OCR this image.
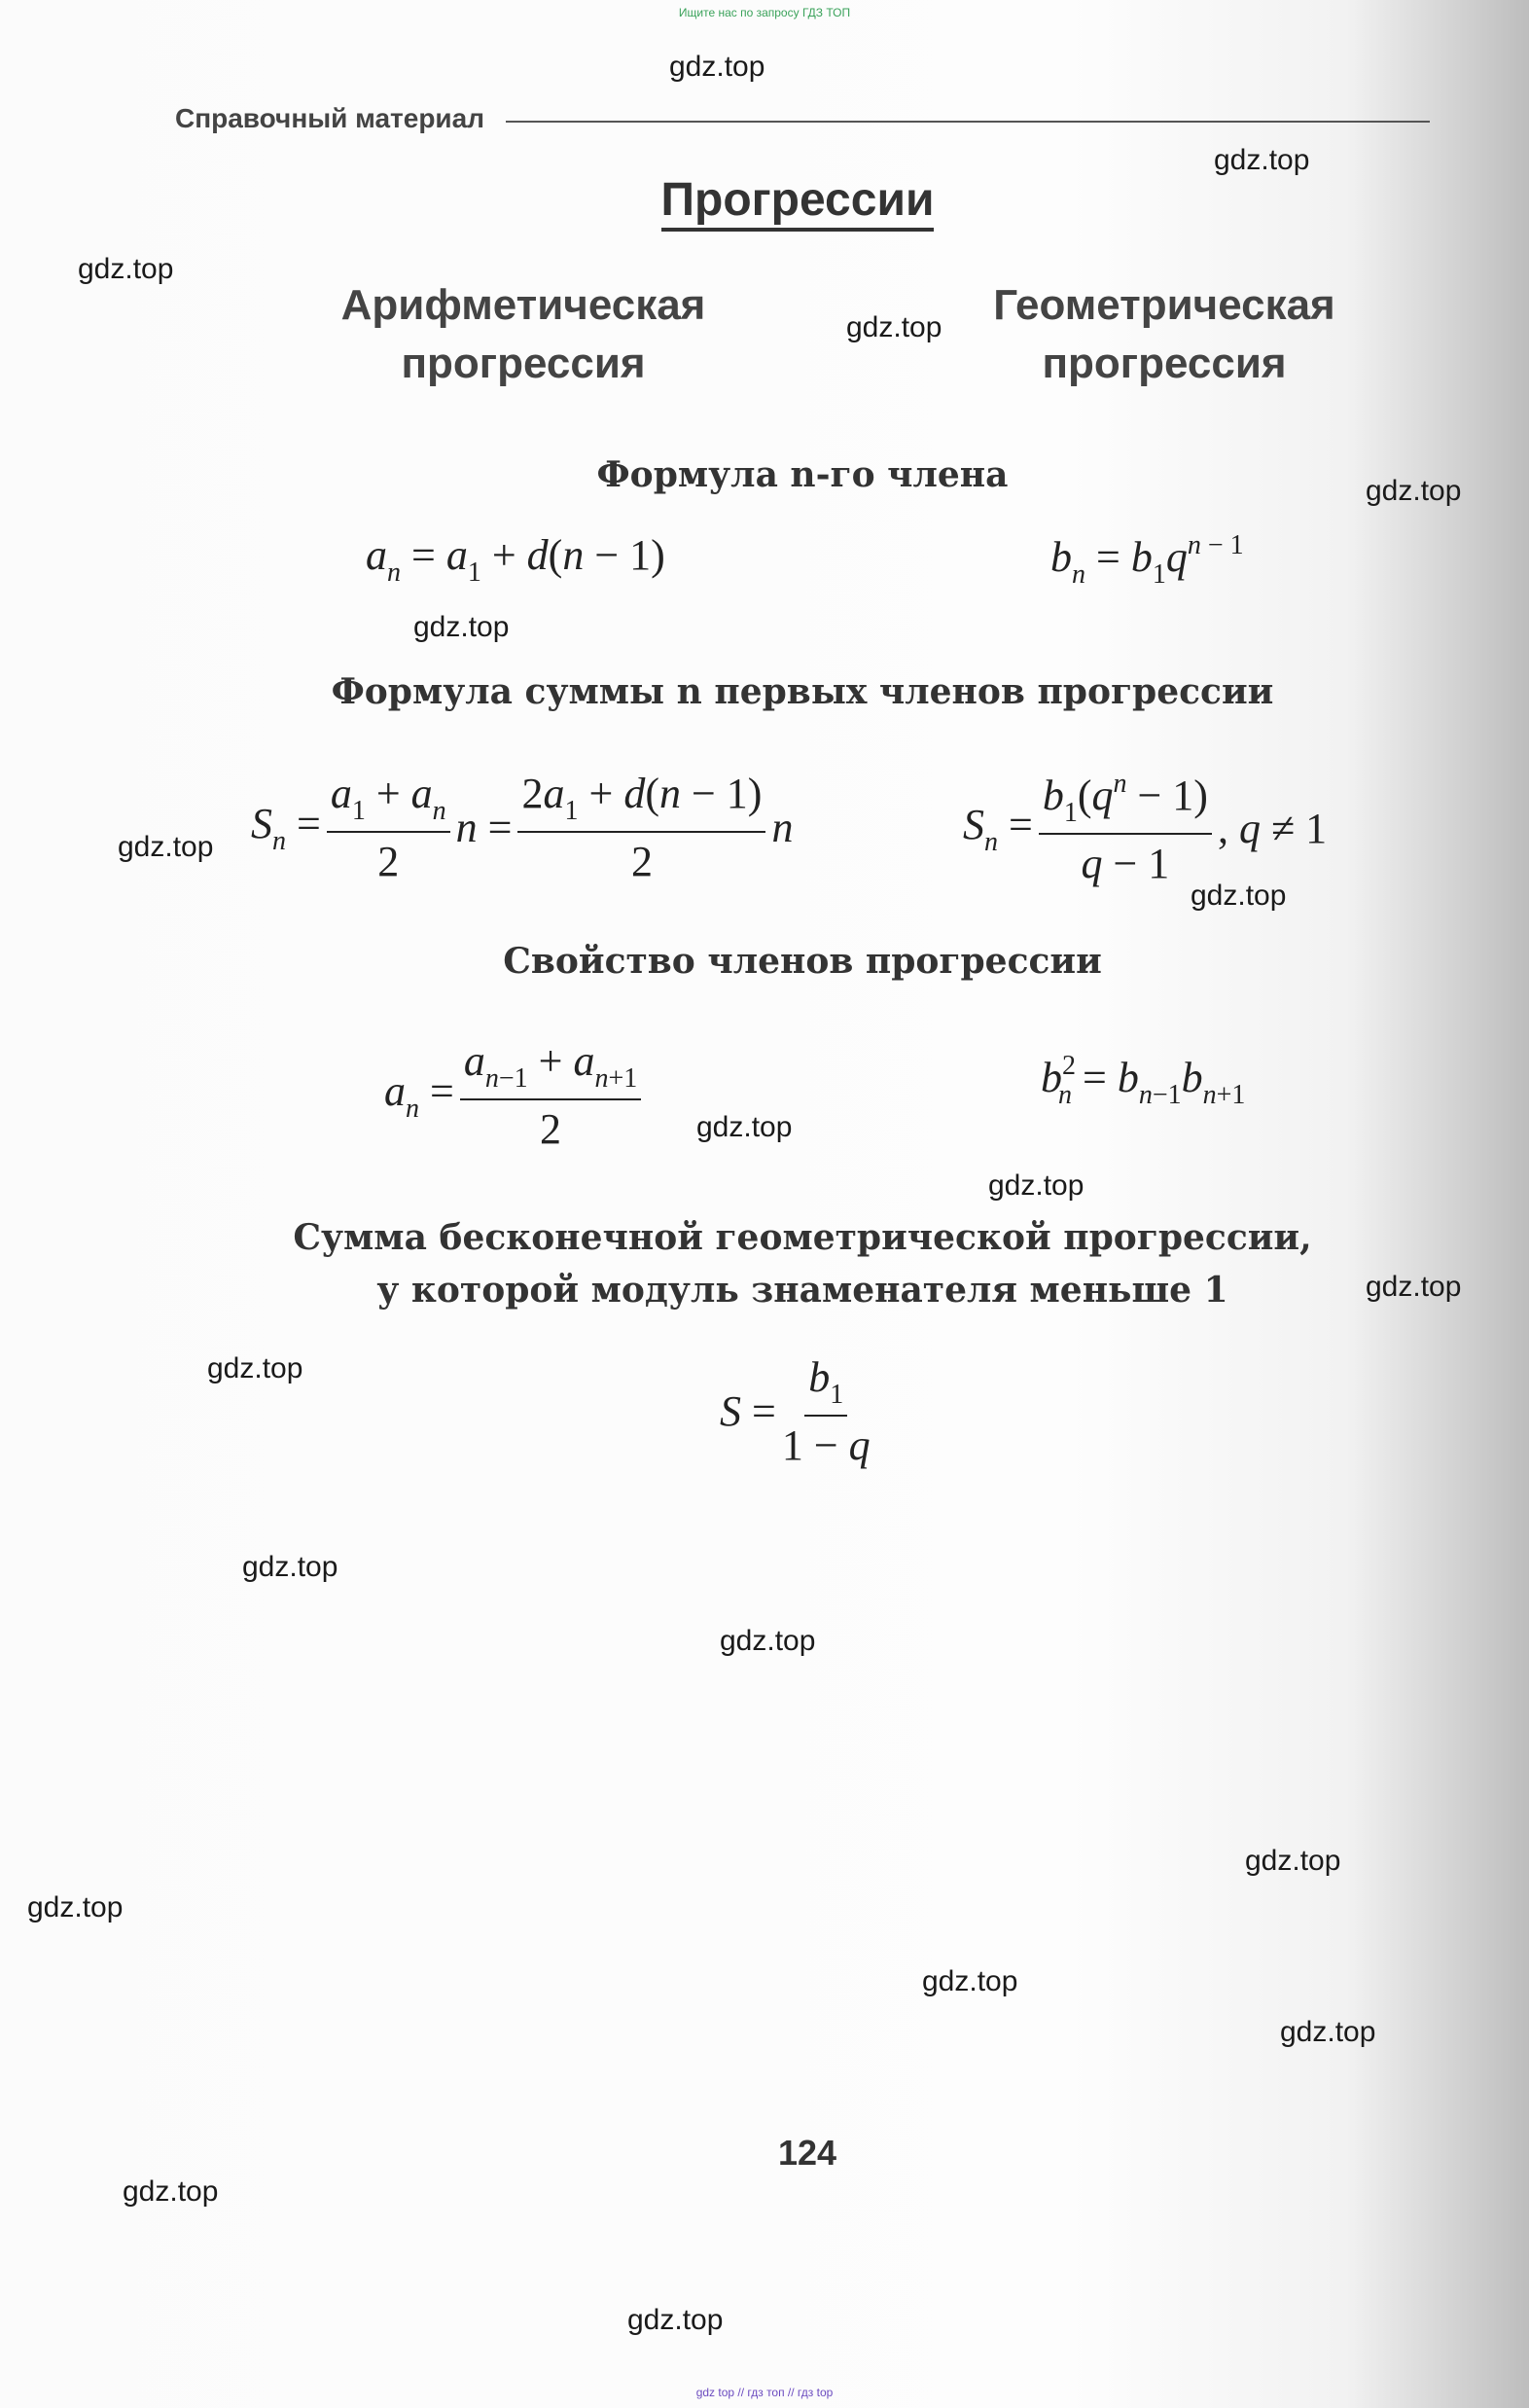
Ищите нас по запросу ГДЗ ТОП
Справочный материал
Прогрессии
Арифметическая
прогрессия
Геометрическая
прогрессия
Формула n-го члена
$a_n = a_1 + d(n - 1)$	$b_n = b_1q^{n - 1}$
Формула суммы n первых членов прогрессии
$S_n = \frac{a_1 + a_n}{2}$ $n = \frac{2a_1 + d(n - 1)}{2}$ n	$S_n = \frac{b_1(q^n - 1)}{q - 1}$ , q ≠ 1
Свойство членов прогрессии
$a_n = \frac{a_{n-1} + a_{n+1}}{2}$	$b^2_n = b_{n-1}b_{n+1}$
Сумма бесконечной геометрической прогрессии,
у которой модуль знаменателя меньше 1
$S = \frac{b_1}{1 - q}$
gdz.top
gdz.top
gdz.top
gdz.top
gdz.top
gdz.top
gdz.top
gdz.top
gdz.top
gdz.top
gdz.top
gdz.top
gdz.top
gdz.top
gdz.top
gdz.top
gdz.top
gdz.top
gdz.top
gdz.top
124
gdz top // гдз топ // гдз top
